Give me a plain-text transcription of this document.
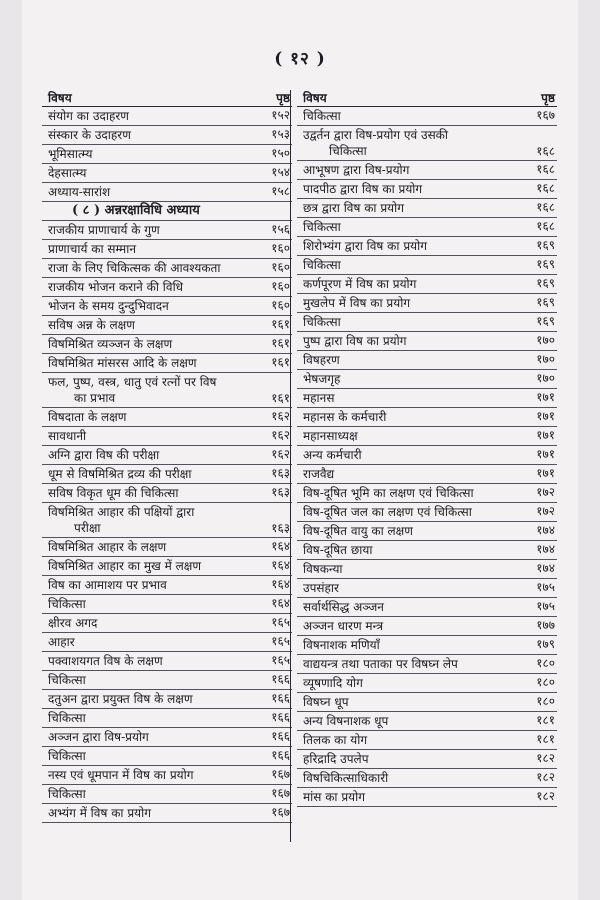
( १२ )
विषय	पृष्ठ
संयोग का उदाहरण	१५२
संस्कार के उदाहरण	१५३
भूमिसात्म्य	१५०
देहसात्म्य	१५४
अध्याय-सारांश	१५८
( ८ ) अन्नरक्षाविधि अध्याय
राजकीय प्राणाचार्य के गुण	१५६
प्राणाचार्य का सम्मान	१६०
राजा के लिए चिकित्सक की आवश्यकता	१६०
राजकीय भोजन कराने की विधि	१६०
भोजन के समय दुन्दुभिवादन	१६०
सविष अन्न के लक्षण	१६१
विषमिश्रित व्यञ्जन के लक्षण	१६१
विषमिश्रित मांसरस आदि के लक्षण	१६१
फल, पुष्प, वस्त्र, धातु एवं रत्नों पर विष
का प्रभाव	१६१
विषदाता के लक्षण	१६२
सावधानी	१६२
अग्नि द्वारा विष की परीक्षा	१६२
धूम से विषमिश्रित द्रव्य की परीक्षा	१६३
सविष विकृत धूम की चिकित्सा	१६३
विषमिश्रित आहार की पक्षियों द्वारा
परीक्षा	१६३
विषमिश्रित आहार के लक्षण	१६४
विषमिश्रित आहार का मुख में लक्षण	१६४
विष का आमाशय पर प्रभाव	१६४
चिकित्सा	१६४
क्षीरव अगद	१६५
आहार	१६५
पक्वाशयगत विष के लक्षण	१६५
चिकित्सा	१६६
दतुअन द्वारा प्रयुक्त विष के लक्षण	१६६
चिकित्सा	१६६
अञ्जन द्वारा विष-प्रयोग	१६६
चिकित्सा	१६६
नस्य एवं धूमपान में विष का प्रयोग	१६७
चिकित्सा	१६७
अभ्यंग में विष का प्रयोग	१६७
विषय	पृष्ठ
चिकित्सा	१६७
उद्वर्तन द्वारा विष-प्रयोग एवं उसकी
चिकित्सा	१६८
आभूषण द्वारा विष-प्रयोग	१६८
पादपीठ द्वारा विष का प्रयोग	१६८
छत्र द्वारा विष का प्रयोग	१६८
चिकित्सा	१६८
शिरोभ्यंग द्वारा विष का प्रयोग	१६९
चिकित्सा	१६९
कर्णपूरण में विष का प्रयोग	१६९
मुखलेप में विष का प्रयोग	१६९
चिकित्सा	१६९
पुष्प द्वारा विष का प्रयोग	१७०
विषहरण	१७०
भेषजगृह	१७०
महानस	१७१
महानस के कर्मचारी	१७१
महानसाध्यक्ष	१७१
अन्य कर्मचारी	१७१
राजवैद्य	१७१
विष-दूषित भूमि का लक्षण एवं चिकित्सा	१७२
विष-दूषित जल का लक्षण एवं चिकित्सा	१७२
विष-दूषित वायु का लक्षण	१७४
विष-दूषित छाया	१७४
विषकन्या	१७४
उपसंहार	१७५
सर्वार्थसिद्ध अञ्जन	१७५
अञ्जन धारण मन्त्र	१७७
विषनाशक मणियाँ	१७९
वाद्ययन्त्र तथा पताका पर विषघ्न लेप	१८०
व्यूषणादि योग	१८०
विषघ्न धूप	१८०
अन्य विषनाशक धूप	१८१
तिलक का योग	१८१
हरिद्रादि उपलेप	१८२
विषचिकित्साधिकारी	१८२
मांस का प्रयोग	१८२
